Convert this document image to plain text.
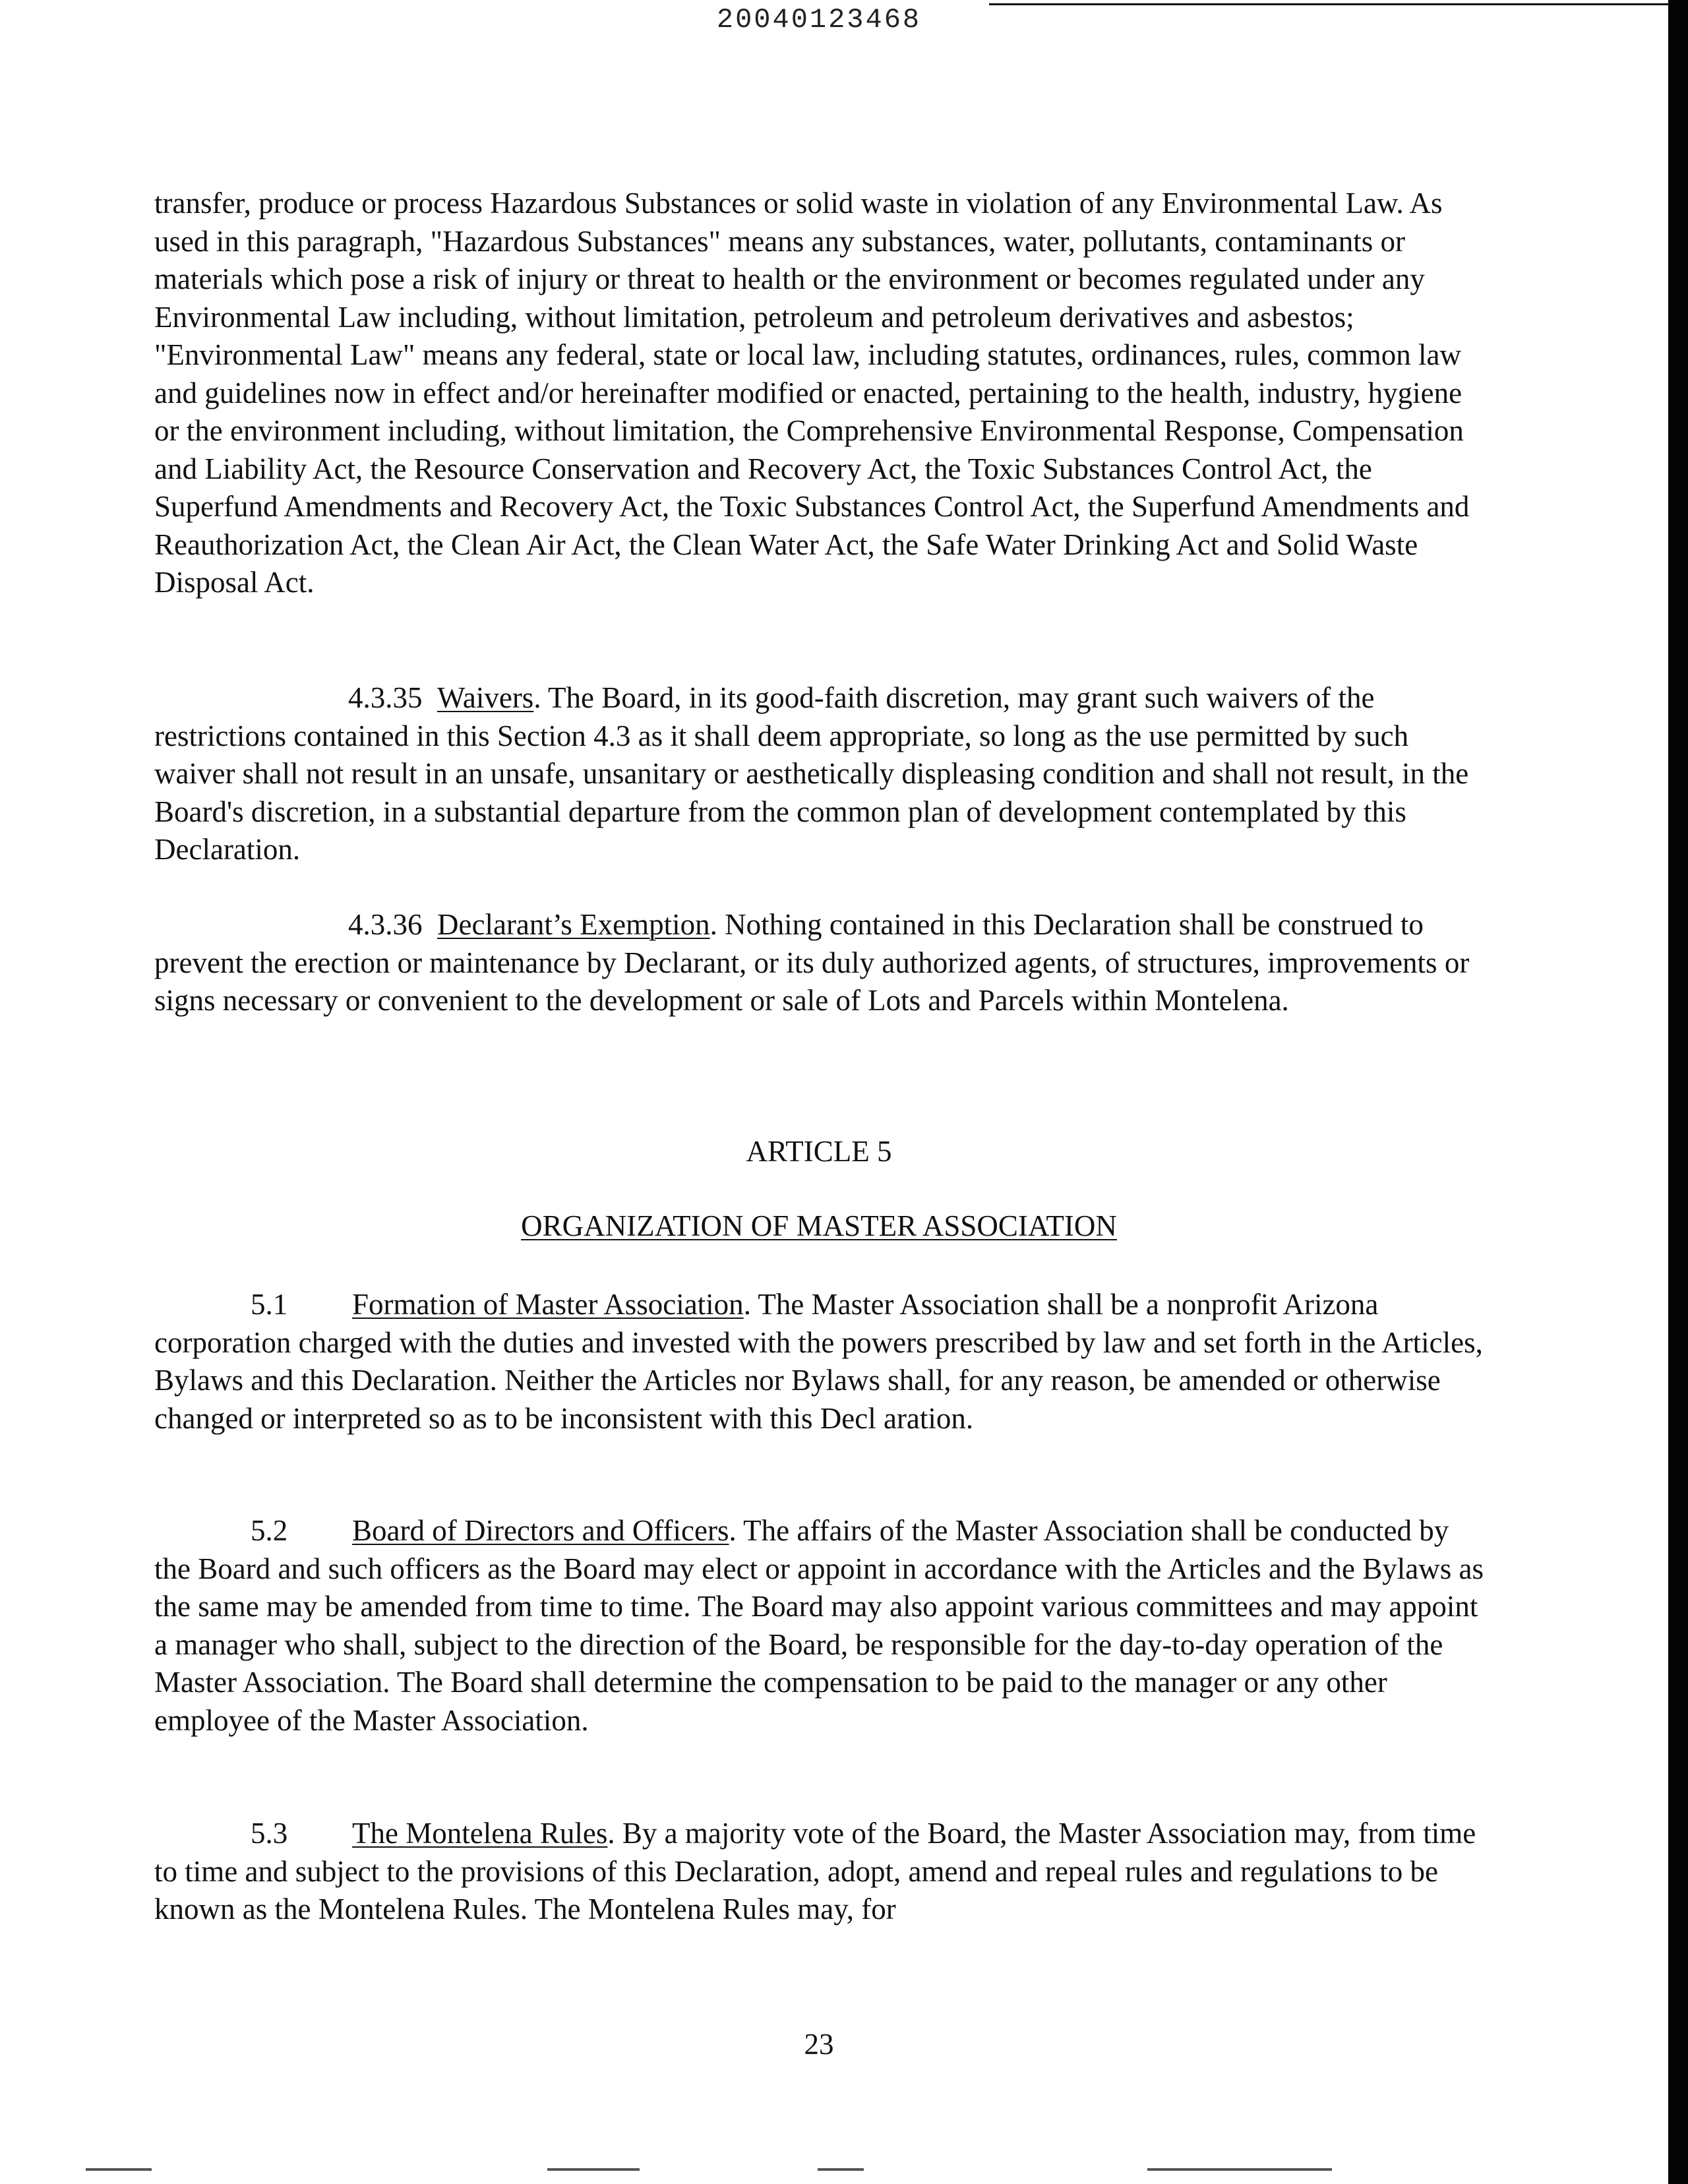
20040123468

transfer, produce or process Hazardous Substances or solid waste in violation of any Environmental Law. As used in this paragraph, "Hazardous Substances" means any substances, water, pollutants, contaminants or materials which pose a risk of injury or threat to health or the environment or becomes regulated under any Environmental Law including, without limitation, petroleum and petroleum derivatives and asbestos; "Environmental Law" means any federal, state or local law, including statutes, ordinances, rules, common law and guidelines now in effect and/or hereinafter modified or enacted, pertaining to the health, industry, hygiene or the environment including, without limitation, the Comprehensive Environmental Response, Compensation and Liability Act, the Resource Conservation and Recovery Act, the Toxic Substances Control Act, the Superfund Amendments and Recovery Act, the Toxic Substances Control Act, the Superfund Amendments and Reauthorization Act, the Clean Air Act, the Clean Water Act, the Safe Water Drinking Act and Solid Waste Disposal Act.

4.3.35 Waivers. The Board, in its good-faith discretion, may grant such waivers of the restrictions contained in this Section 4.3 as it shall deem appropriate, so long as the use permitted by such waiver shall not result in an unsafe, unsanitary or aesthetically displeasing condition and shall not result, in the Board's discretion, in a substantial departure from the common plan of development contemplated by this Declaration.

4.3.36 Declarant’s Exemption. Nothing contained in this Declaration shall be construed to prevent the erection or maintenance by Declarant, or its duly authorized agents, of structures, improvements or signs necessary or convenient to the development or sale of Lots and Parcels within Montelena.

ARTICLE 5

ORGANIZATION OF MASTER ASSOCIATION

5.1 Formation of Master Association. The Master Association shall be a nonprofit Arizona corporation charged with the duties and invested with the powers prescribed by law and set forth in the Articles, Bylaws and this Declaration. Neither the Articles nor Bylaws shall, for any reason, be amended or otherwise changed or interpreted so as to be inconsistent with this Decl aration.

5.2 Board of Directors and Officers. The affairs of the Master Association shall be conducted by the Board and such officers as the Board may elect or appoint in accordance with the Articles and the Bylaws as the same may be amended from time to time. The Board may also appoint various committees and may appoint a manager who shall, subject to the direction of the Board, be responsible for the day-to-day operation of the Master Association. The Board shall determine the compensation to be paid to the manager or any other employee of the Master Association.

5.3 The Montelena Rules. By a majority vote of the Board, the Master Association may, from time to time and subject to the provisions of this Declaration, adopt, amend and repeal rules and regulations to be known as the Montelena Rules. The Montelena Rules may, for

23
